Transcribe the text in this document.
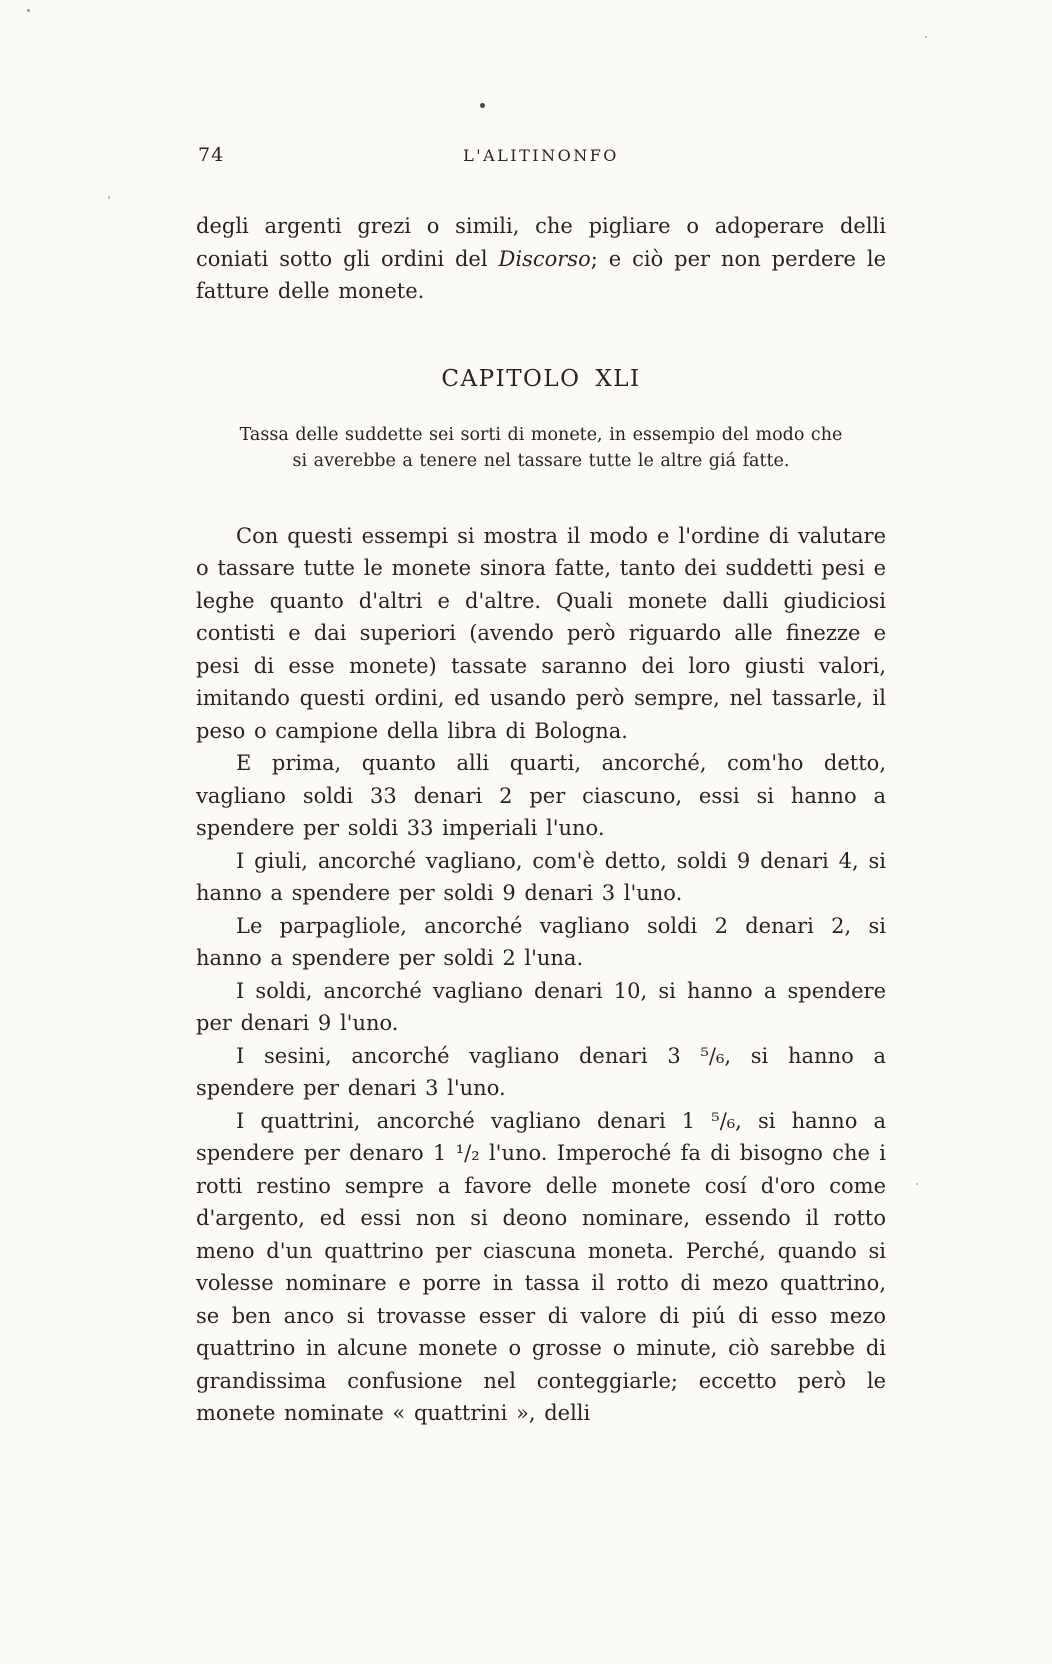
74	L'ALITINONFO

degli argenti grezi o simili, che pigliare o adoperare delli coniati sotto gli ordini del Discorso; e ciò per non perdere le fatture delle monete.

CAPITOLO XLI

Tassa delle suddette sei sorti di monete, in essempio del modo che si averebbe a tenere nel tassare tutte le altre giá fatte.

Con questi essempi si mostra il modo e l'ordine di valutare o tassare tutte le monete sinora fatte, tanto dei suddetti pesi e leghe quanto d'altri e d'altre. Quali monete dalli giudiciosi contisti e dai superiori (avendo però riguardo alle finezze e pesi di esse monete) tassate saranno dei loro giusti valori, imitando questi ordini, ed usando però sempre, nel tassarle, il peso o campione della libra di Bologna.

E prima, quanto alli quarti, ancorché, com'ho detto, vagliano soldi 33 denari 2 per ciascuno, essi si hanno a spendere per soldi 33 imperiali l'uno.

I giuli, ancorché vagliano, com'è detto, soldi 9 denari 4, si hanno a spendere per soldi 9 denari 3 l'uno.

Le parpagliole, ancorché vagliano soldi 2 denari 2, si hanno a spendere per soldi 2 l'una.

I soldi, ancorché vagliano denari 10, si hanno a spendere per denari 9 l'uno.

I sesini, ancorché vagliano denari 3 ⁵/₆, si hanno a spendere per denari 3 l'uno.

I quattrini, ancorché vagliano denari 1 ⁵/₆, si hanno a spendere per denaro 1 ¹/₂ l'uno. Imperoché fa di bisogno che i rotti restino sempre a favore delle monete cosí d'oro come d'argento, ed essi non si deono nominare, essendo il rotto meno d'un quattrino per ciascuna moneta. Perché, quando si volesse nominare e porre in tassa il rotto di mezo quattrino, se ben anco si trovasse esser di valore di piú di esso mezo quattrino in alcune monete o grosse o minute, ciò sarebbe di grandissima confusione nel conteggiarle; eccetto però le monete nominate « quattrini », delli
